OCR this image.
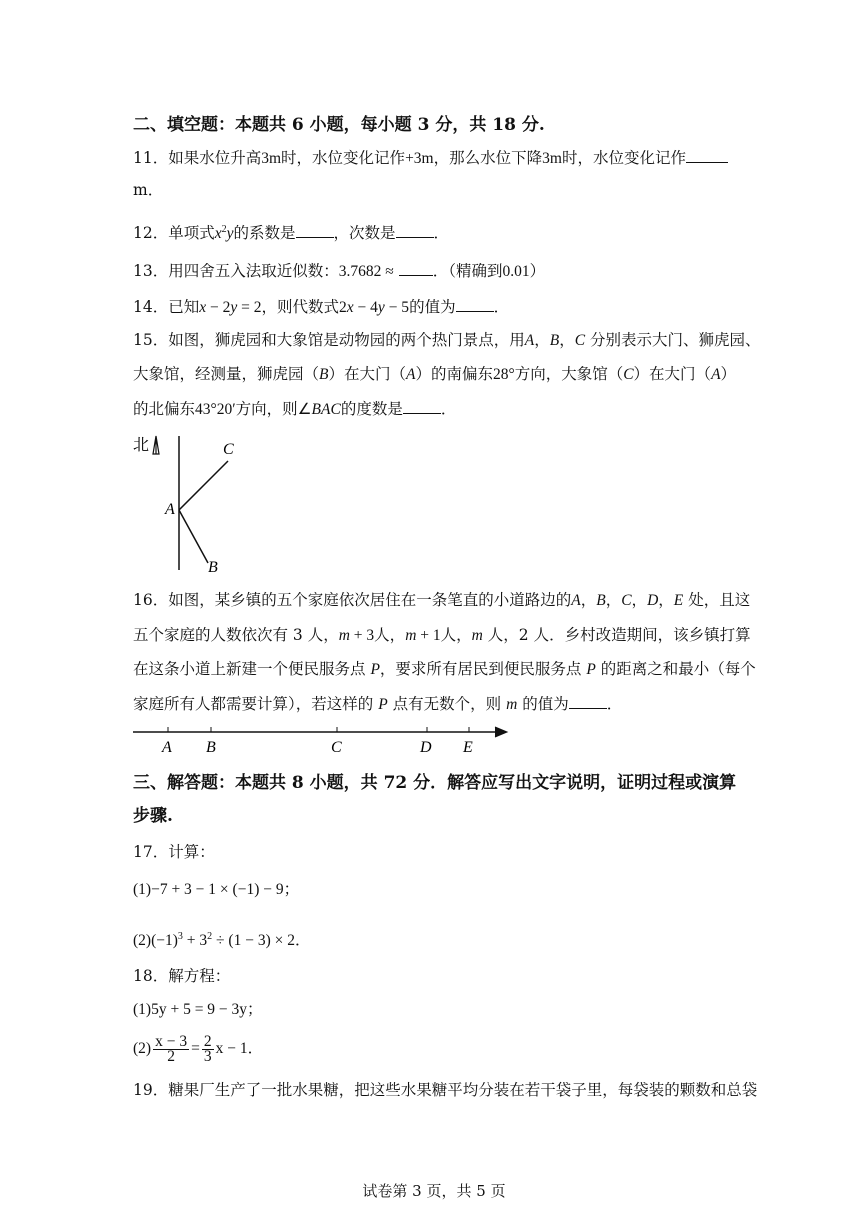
二、填空题：本题共 6 小题，每小题 3 分，共 18 分.
11．如果水位升高3m时，水位变化记作+3m，那么水位下降3m时，水位变化记作
m．
12．单项式$x^2y$的系数是 ，次数是 ．
13．用四舍五入法取近似数：3.7682 ≈	．（精确到0.01）
14．已知x − 2y = 2，则代数式2x − 4y − 5的值为 ．
15．如图，狮虎园和大象馆是动物园的两个热门景点，用A，B，C 分别表示大门、狮虎园、
大象馆，经测量，狮虎园（B）在大门（A）的南偏东28°方向，大象馆（C）在大门（A）
的北偏东43°20′方向，则∠BAC的度数是 ．
北
A
C
B
16．如图，某乡镇的五个家庭依次居住在一条笔直的小道路边的A，B，C，D，E 处，且这
五个家庭的人数依次有 3 人，m + 3人，m + 1人，m 人，2 人．乡村改造期间，该乡镇打算
在这条小道上新建一个便民服务点 P，要求所有居民到便民服务点 P 的距离之和最小（每个
家庭所有人都需要计算），若这样的 P 点有无数个，则 m 的值为 ．
A B	C	D E
三、解答题：本题共 8 小题，共 72 分．解答应写出文字说明，证明过程或演算
步骤.
17．计算：
(1)−7 + 3 − 1 × (−1) − 9；
$(2)(-1)^3 + 3^2 \div (1 - 3) \times 2$．
18．解方程：
(1)5y + 5 = 9 − 3y；
$(2) \frac{x - 3}{2} = \frac{2}{3}$ x − 1．
19．糖果厂生产了一批水果糖，把这些水果糖平均分装在若干袋子里，每袋装的颗数和总袋
试卷第 3 页，共 5 页
